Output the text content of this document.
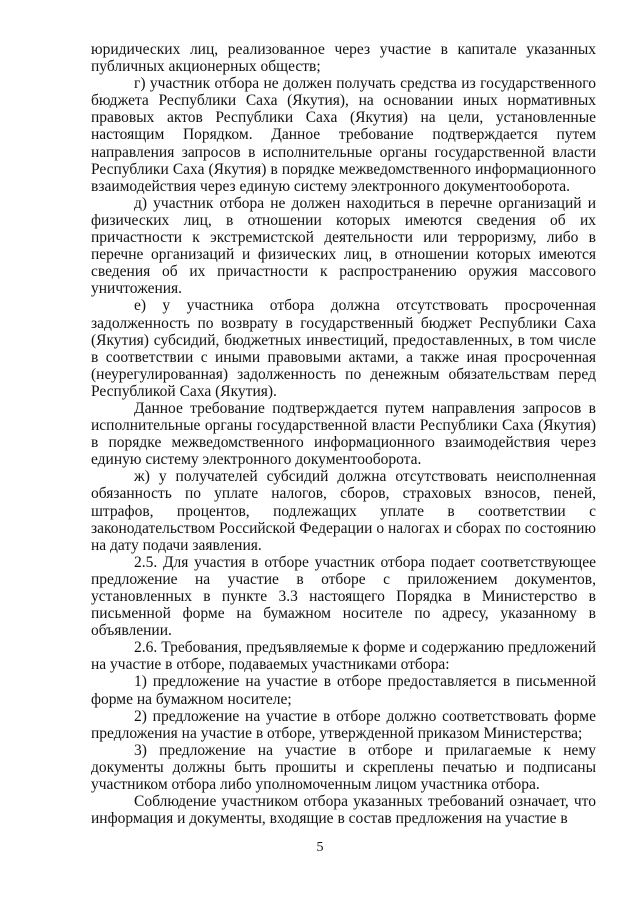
юридических лиц, реализованное через участие в капитале указанных публичных акционерных обществ;

г) участник отбора не должен получать средства из государственного бюджета Республики Саха (Якутия), на основании иных нормативных правовых актов Республики Саха (Якутия) на цели, установленные настоящим Порядком. Данное требование подтверждается путем направления запросов в исполнительные органы государственной власти Республики Саха (Якутия) в порядке межведомственного информационного взаимодействия через единую систему электронного документооборота.

д) участник отбора не должен находиться в перечне организаций и физических лиц, в отношении которых имеются сведения об их причастности к экстремистской деятельности или терроризму, либо в перечне организаций и физических лиц, в отношении которых имеются сведения об их причастности к распространению оружия массового уничтожения.

е) у участника отбора должна отсутствовать просроченная задолженность по возврату в государственный бюджет Республики Саха (Якутия) субсидий, бюджетных инвестиций, предоставленных, в том числе в соответствии с иными правовыми актами, а также иная просроченная (неурегулированная) задолженность по денежным обязательствам перед Республикой Саха (Якутия).

Данное требование подтверждается путем направления запросов в исполнительные органы государственной власти Республики Саха (Якутия) в порядке межведомственного информационного взаимодействия через единую систему электронного документооборота.

ж) у получателей субсидий должна отсутствовать неисполненная обязанность по уплате налогов, сборов, страховых взносов, пеней, штрафов, процентов, подлежащих уплате в соответствии с законодательством Российской Федерации о налогах и сборах по состоянию на дату подачи заявления.

2.5. Для участия в отборе участник отбора подает соответствующее предложение на участие в отборе с приложением документов, установленных в пункте 3.3 настоящего Порядка в Министерство в письменной форме на бумажном носителе по адресу, указанному в объявлении.

2.6. Требования, предъявляемые к форме и содержанию предложений на участие в отборе, подаваемых участниками отбора:

1) предложение на участие в отборе предоставляется в письменной форме на бумажном носителе;

2) предложение на участие в отборе должно соответствовать форме предложения на участие в отборе, утвержденной приказом Министерства;

3) предложение на участие в отборе и прилагаемые к нему документы должны быть прошиты и скреплены печатью и подписаны участником отбора либо уполномоченным лицом участника отбора.

Соблюдение участником отбора указанных требований означает, что информация и документы, входящие в состав предложения на участие в

5
